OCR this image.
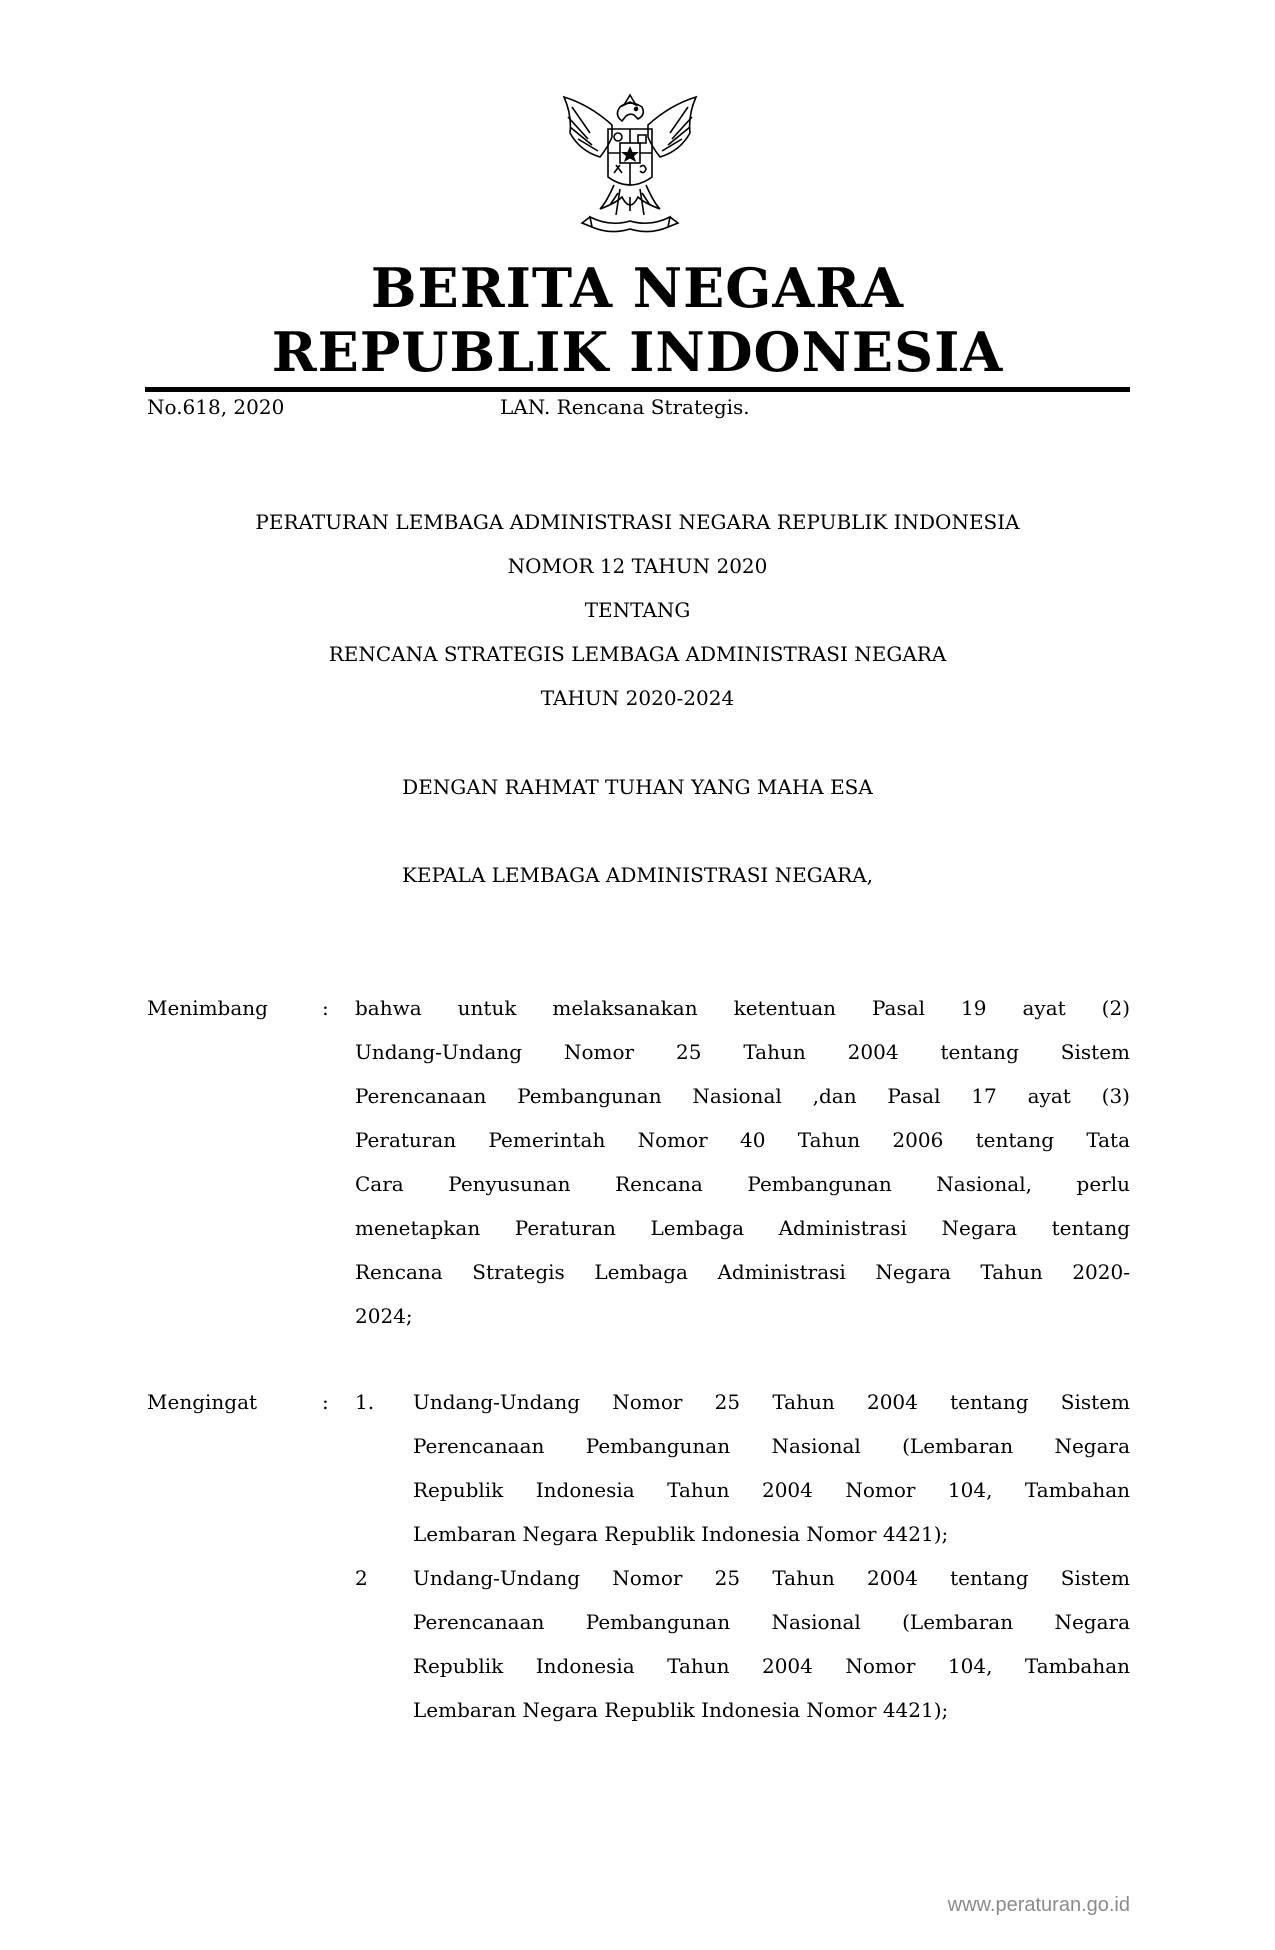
BERITA NEGARA
REPUBLIK INDONESIA
No.618, 2020	LAN. Rencana Strategis.
PERATURAN LEMBAGA ADMINISTRASI NEGARA REPUBLIK INDONESIA
NOMOR 12 TAHUN 2020
TENTANG
RENCANA STRATEGIS LEMBAGA ADMINISTRASI NEGARA
TAHUN 2020-2024
DENGAN RAHMAT TUHAN YANG MAHA ESA
KEPALA LEMBAGA ADMINISTRASI NEGARA,
Menimbang	: bahwa untuk melaksanakan ketentuan Pasal 19 ayat (2)
Undang-Undang Nomor 25 Tahun 2004 tentang Sistem
Perencanaan Pembangunan Nasional ,dan Pasal 17 ayat (3)
Peraturan Pemerintah Nomor 40 Tahun 2006 tentang Tata
Cara Penyusunan Rencana Pembangunan Nasional, perlu
menetapkan Peraturan Lembaga Administrasi Negara tentang
Rencana Strategis Lembaga Administrasi Negara Tahun 2020-
2024;
Mengingat	: 1. Undang-Undang Nomor 25 Tahun 2004 tentang Sistem
Perencanaan Pembangunan Nasional (Lembaran Negara
Republik Indonesia Tahun 2004 Nomor 104, Tambahan
Lembaran Negara Republik Indonesia Nomor 4421);
2 Undang-Undang Nomor 25 Tahun 2004 tentang Sistem
Perencanaan Pembangunan Nasional (Lembaran Negara
Republik Indonesia Tahun 2004 Nomor 104, Tambahan
Lembaran Negara Republik Indonesia Nomor 4421);
www.peraturan.go.id
